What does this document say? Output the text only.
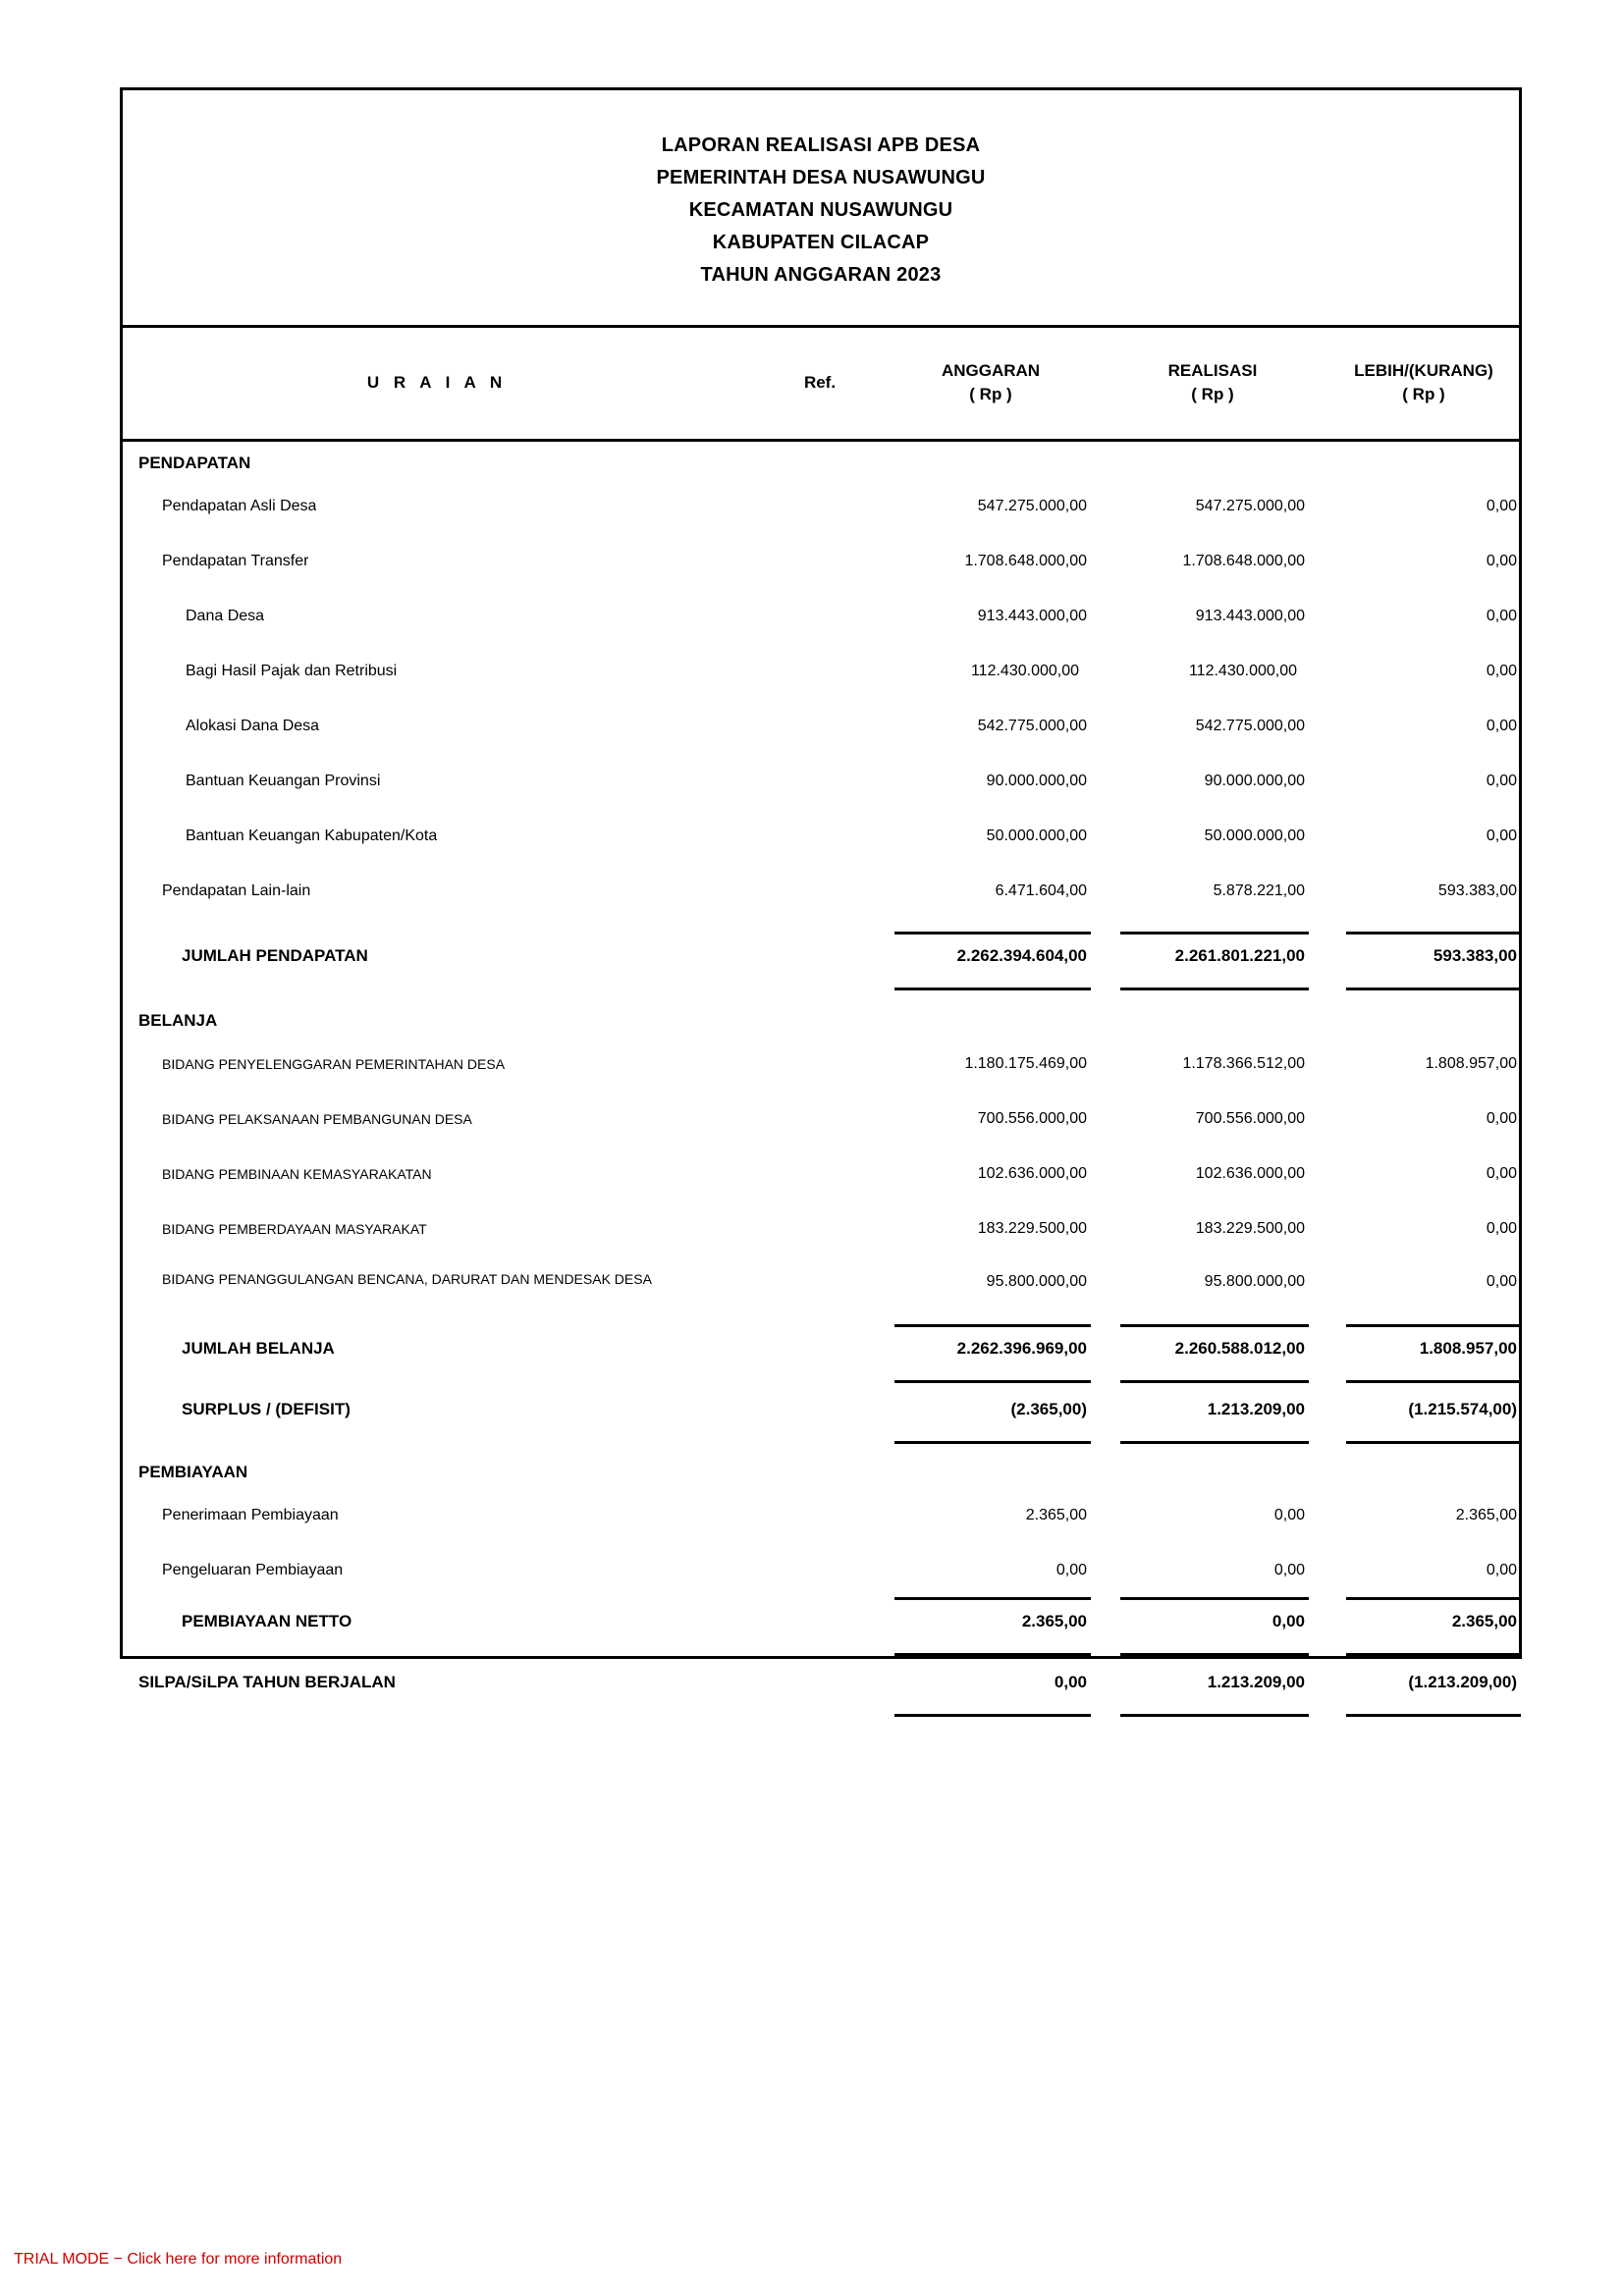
LAPORAN REALISASI APB DESA
PEMERINTAH DESA NUSAWUNGU
KECAMATAN NUSAWUNGU
KABUPATEN CILACAP
TAHUN ANGGARAN 2023
U R A I A N	Ref.
ANGGARAN
( Rp )
REALISASI
( Rp )
LEBIH/(KURANG)
( Rp )
PENDAPATAN
Pendapatan Asli Desa	547.275.000,00	547.275.000,00	0,00
Pendapatan Transfer	1.708.648.000,00	1.708.648.000,00	0,00
Dana Desa	913.443.000,00	913.443.000,00	0,00
Bagi Hasil Pajak dan Retribusi	112.430.000,00	112.430.000,00	0,00
Alokasi Dana Desa	542.775.000,00	542.775.000,00	0,00
Bantuan Keuangan Provinsi	90.000.000,00	90.000.000,00	0,00
Bantuan Keuangan Kabupaten/Kota	50.000.000,00	50.000.000,00	0,00
Pendapatan Lain-lain	6.471.604,00	5.878.221,00	593.383,00
JUMLAH PENDAPATAN	2.262.394.604,00	2.261.801.221,00	593.383,00
BELANJA
BIDANG PENYELENGGARAN PEMERINTAHAN DESA	1.180.175.469,00	1.178.366.512,00	1.808.957,00
BIDANG PELAKSANAAN PEMBANGUNAN DESA	700.556.000,00	700.556.000,00	0,00
BIDANG PEMBINAAN KEMASYARAKATAN	102.636.000,00	102.636.000,00	0,00
BIDANG PEMBERDAYAAN MASYARAKAT	183.229.500,00	183.229.500,00	0,00
BIDANG PENANGGULANGAN BENCANA, DARURAT DAN MENDESAK DESA	95.800.000,00	95.800.000,00	0,00
JUMLAH BELANJA	2.262.396.969,00	2.260.588.012,00	1.808.957,00
SURPLUS / (DEFISIT)	(2.365,00)	1.213.209,00	(1.215.574,00)
PEMBIAYAAN
Penerimaan Pembiayaan	2.365,00	0,00	2.365,00
Pengeluaran Pembiayaan	0,00	0,00	0,00
PEMBIAYAAN NETTO	2.365,00	0,00	2.365,00
SILPA/SiLPA TAHUN BERJALAN	0,00	1.213.209,00	(1.213.209,00)
TRIAL MODE − Click here for more information
